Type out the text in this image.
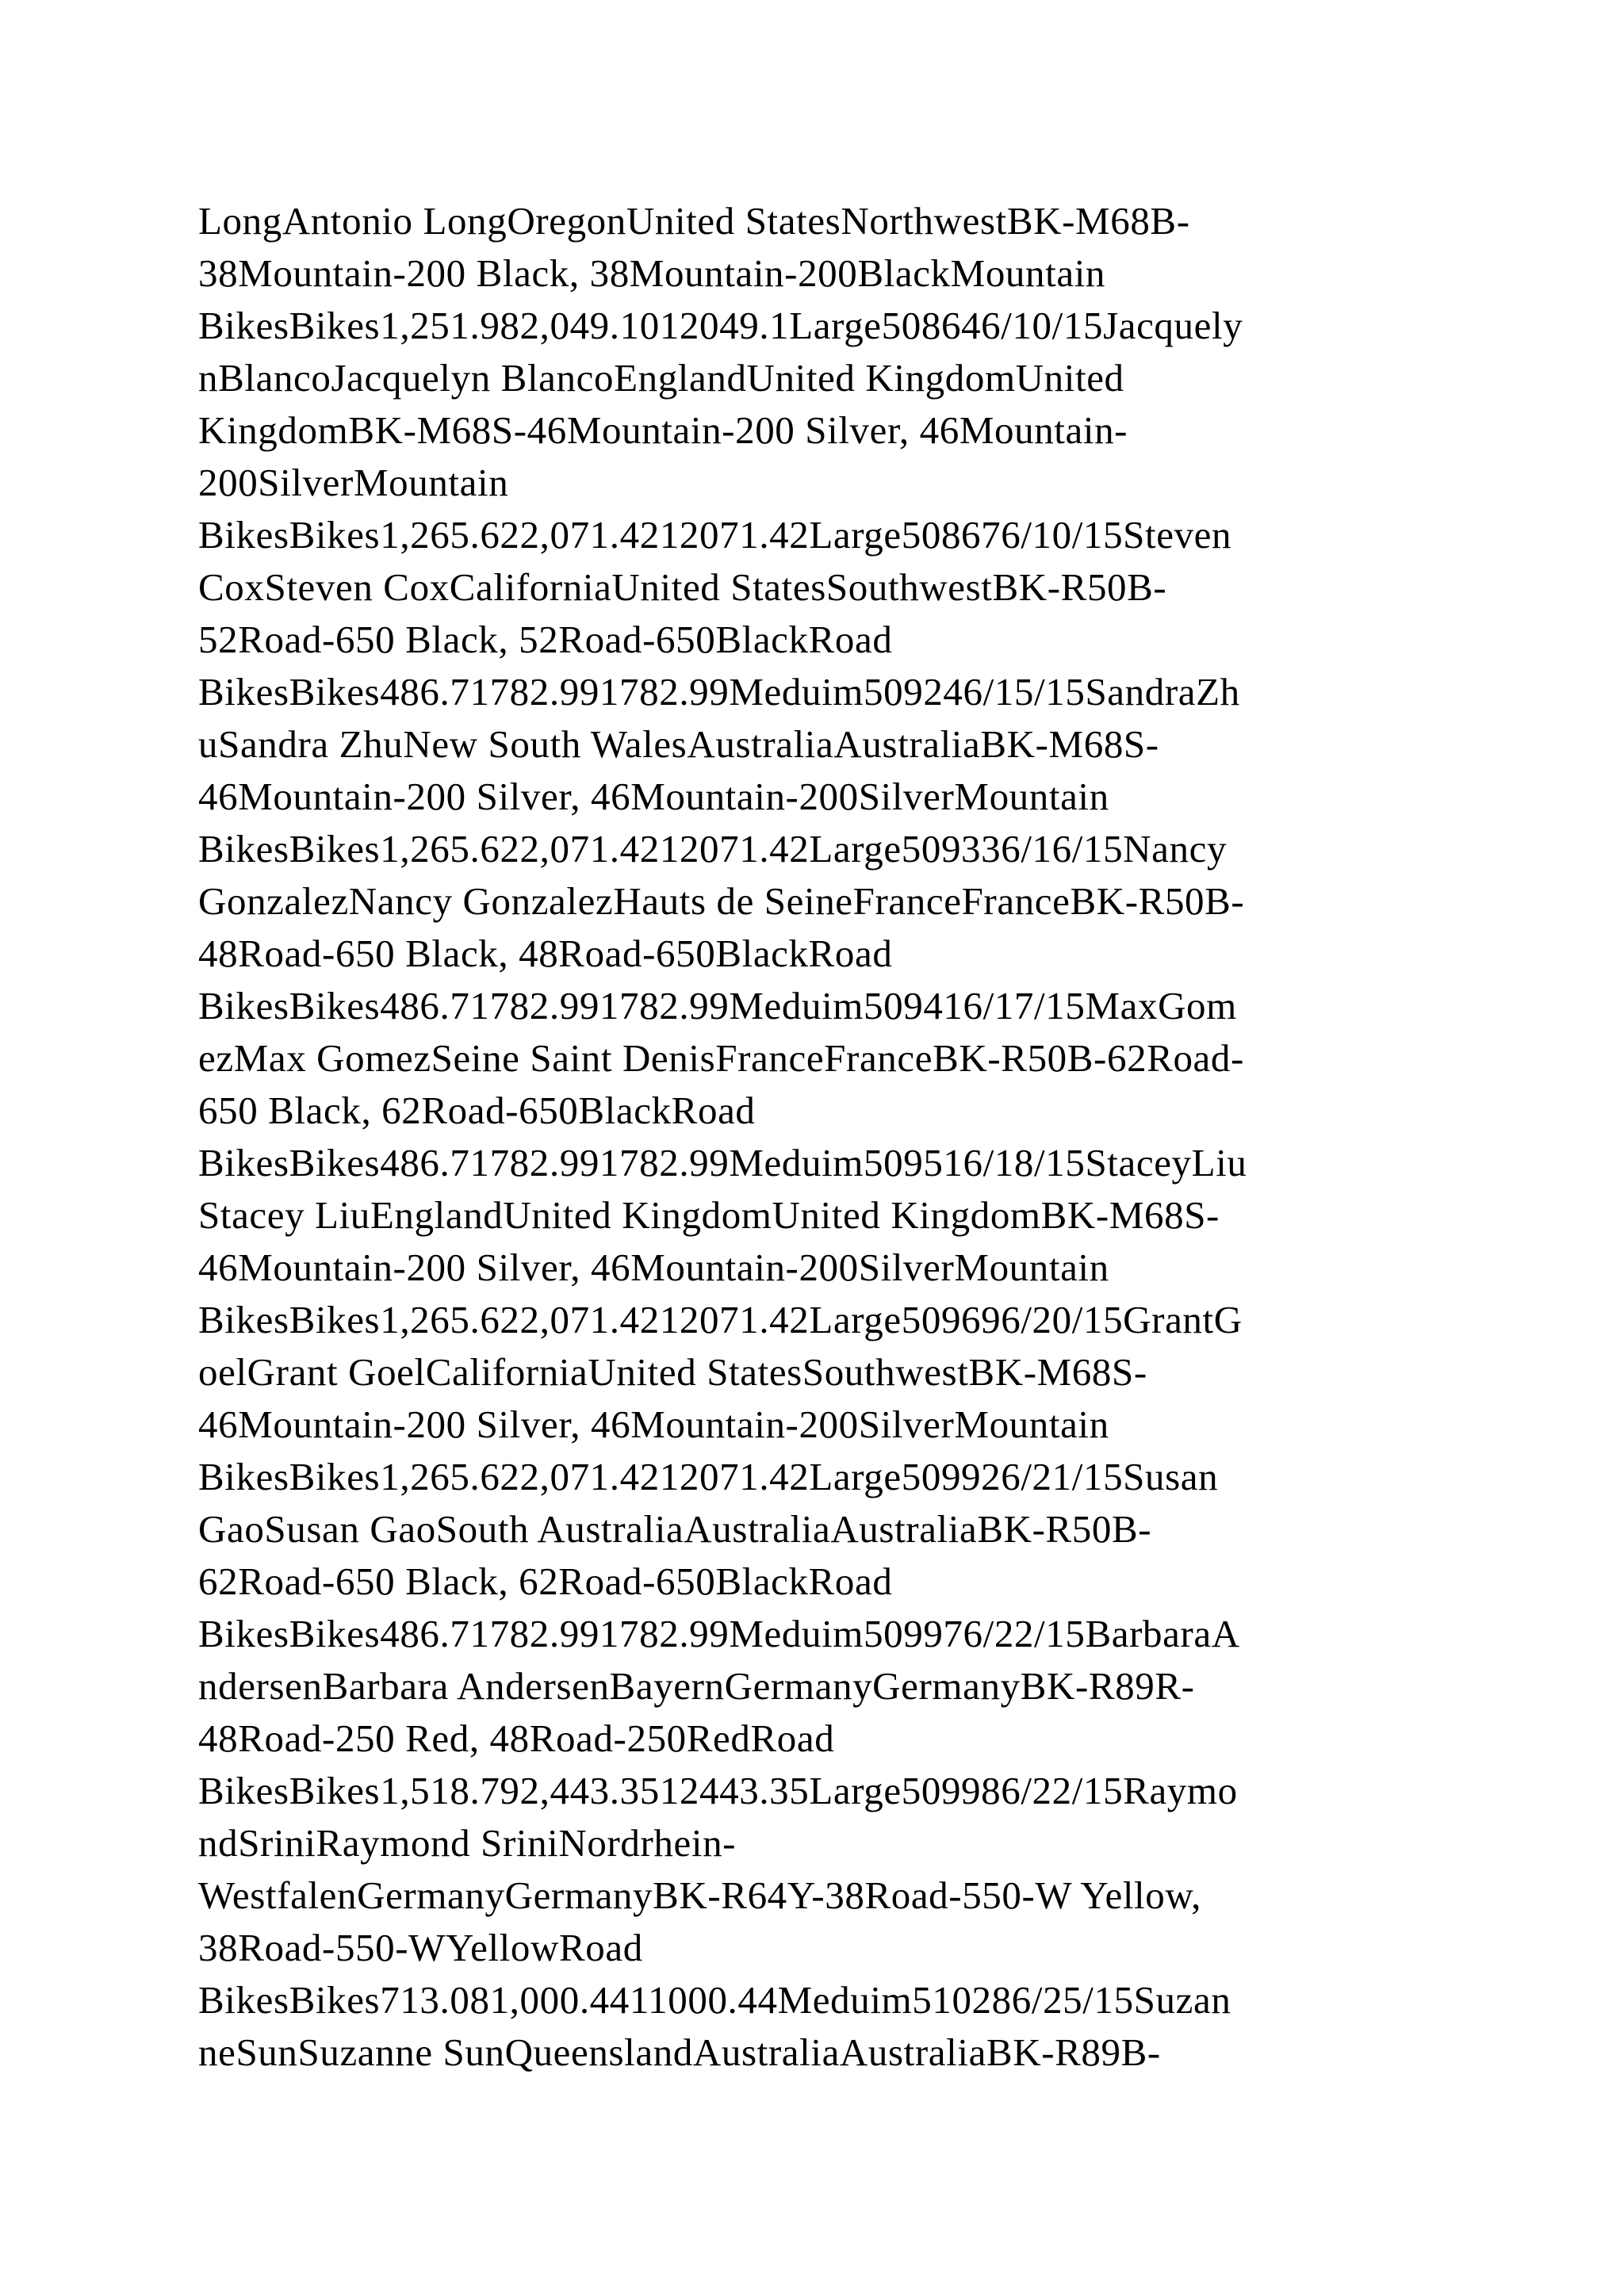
LongAntonio LongOregonUnited StatesNorthwestBK-M68B-
38Mountain-200 Black, 38Mountain-200BlackMountain
BikesBikes1,251.982,049.1012049.1Large508646/10/15Jacquely
nBlancoJacquelyn BlancoEnglandUnited KingdomUnited
KingdomBK-M68S-46Mountain-200 Silver, 46Mountain-
200SilverMountain
BikesBikes1,265.622,071.4212071.42Large508676/10/15Steven
CoxSteven CoxCaliforniaUnited StatesSouthwestBK-R50B-
52Road-650 Black, 52Road-650BlackRoad
BikesBikes486.71782.991782.99Meduim509246/15/15SandraZh
uSandra ZhuNew South WalesAustraliaAustraliaBK-M68S-
46Mountain-200 Silver, 46Mountain-200SilverMountain
BikesBikes1,265.622,071.4212071.42Large509336/16/15Nancy
GonzalezNancy GonzalezHauts de SeineFranceFranceBK-R50B-
48Road-650 Black, 48Road-650BlackRoad
BikesBikes486.71782.991782.99Meduim509416/17/15MaxGom
ezMax GomezSeine Saint DenisFranceFranceBK-R50B-62Road-
650 Black, 62Road-650BlackRoad
BikesBikes486.71782.991782.99Meduim509516/18/15StaceyLiu
Stacey LiuEnglandUnited KingdomUnited KingdomBK-M68S-
46Mountain-200 Silver, 46Mountain-200SilverMountain
BikesBikes1,265.622,071.4212071.42Large509696/20/15GrantG
oelGrant GoelCaliforniaUnited StatesSouthwestBK-M68S-
46Mountain-200 Silver, 46Mountain-200SilverMountain
BikesBikes1,265.622,071.4212071.42Large509926/21/15Susan
GaoSusan GaoSouth AustraliaAustraliaAustraliaBK-R50B-
62Road-650 Black, 62Road-650BlackRoad
BikesBikes486.71782.991782.99Meduim509976/22/15BarbaraA
ndersenBarbara AndersenBayernGermanyGermanyBK-R89R-
48Road-250 Red, 48Road-250RedRoad
BikesBikes1,518.792,443.3512443.35Large509986/22/15Raymo
ndSriniRaymond SriniNordrhein-
WestfalenGermanyGermanyBK-R64Y-38Road-550-W Yellow,
38Road-550-WYellowRoad
BikesBikes713.081,000.4411000.44Meduim510286/25/15Suzan
neSunSuzanne SunQueenslandAustraliaAustraliaBK-R89B-
